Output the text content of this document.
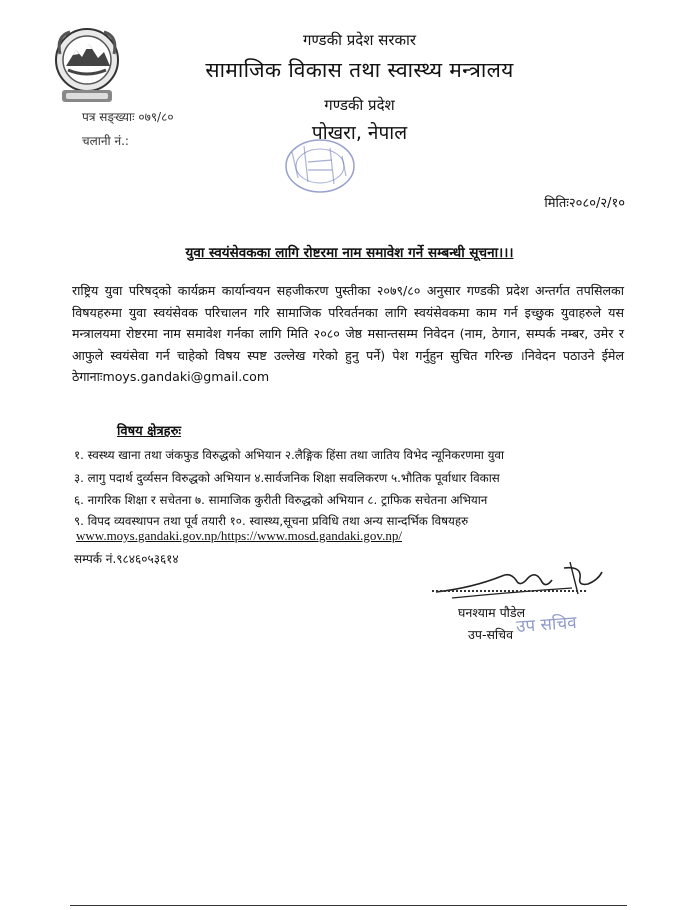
गण्डकी प्रदेश सरकार
सामाजिक विकास तथा स्वास्थ्य मन्त्रालय
गण्डकी प्रदेश
पोखरा, नेपाल
पत्र सङ्ख्याः ०७९/८०
चलानी नं.:
मितिः२०८०/२/१०
युवा स्वयंसेवकका लागि रोष्टरमा नाम समावेश गर्ने सम्बन्धी सूचना।।।
राष्ट्रिय युवा परिषद्को कार्यक्रम कार्यान्वयन सहजीकरण पुस्तीका २०७९/८० अनुसार गण्डकी प्रदेश अन्तर्गत तपसिलका विषयहरुमा युवा स्वयंसेवक परिचालन गरि सामाजिक परिवर्तनका लागि स्वयंसेवकमा काम गर्न इच्छुक युवाहरुले यस मन्त्रालयमा रोष्टरमा नाम समावेश गर्नका लागि मिति २०८० जेष्ठ मसान्तसम्म निवेदन (नाम, ठेगान, सम्पर्क नम्बर, उमेर र आफुले स्वयंसेवा गर्न चाहेको विषय स्पष्ट उल्लेख गरेको हुनु पर्ने) पेश गर्नुहुन सुचित गरिन्छ ।निवेदन पठाउने ईमेल ठेगानाःmoys.gandaki@gmail.com
विषय क्षेत्रहरुः
१. स्वस्थ्य खाना तथा जंकफुड विरुद्धको अभियान २.लैङ्गिक हिंसा तथा जातिय विभेद न्यूनिकरणमा युवा
३. लागु पदार्थ दुर्व्यसन विरुद्धको अभियान ४.सार्वजनिक शिक्षा सवलिकरण ५.भौतिक पूर्वाधार विकास
६. नागरिक शिक्षा र सचेतना ७. सामाजिक कुरीती विरुद्धको अभियान ८. ट्राफिक सचेतना अभियान
९. विपद व्यवस्थापन तथा पूर्व तयारी १०. स्वास्थ्य,सूचना प्रविधि तथा अन्य सान्दर्भिक विषयहरु
www.moys.gandaki.gov.np/https://www.mosd.gandaki.gov.np/
सम्पर्क नं.९८४६०५३६१४
उप सचिव
घनश्याम पौडेल
उप-सचिव
